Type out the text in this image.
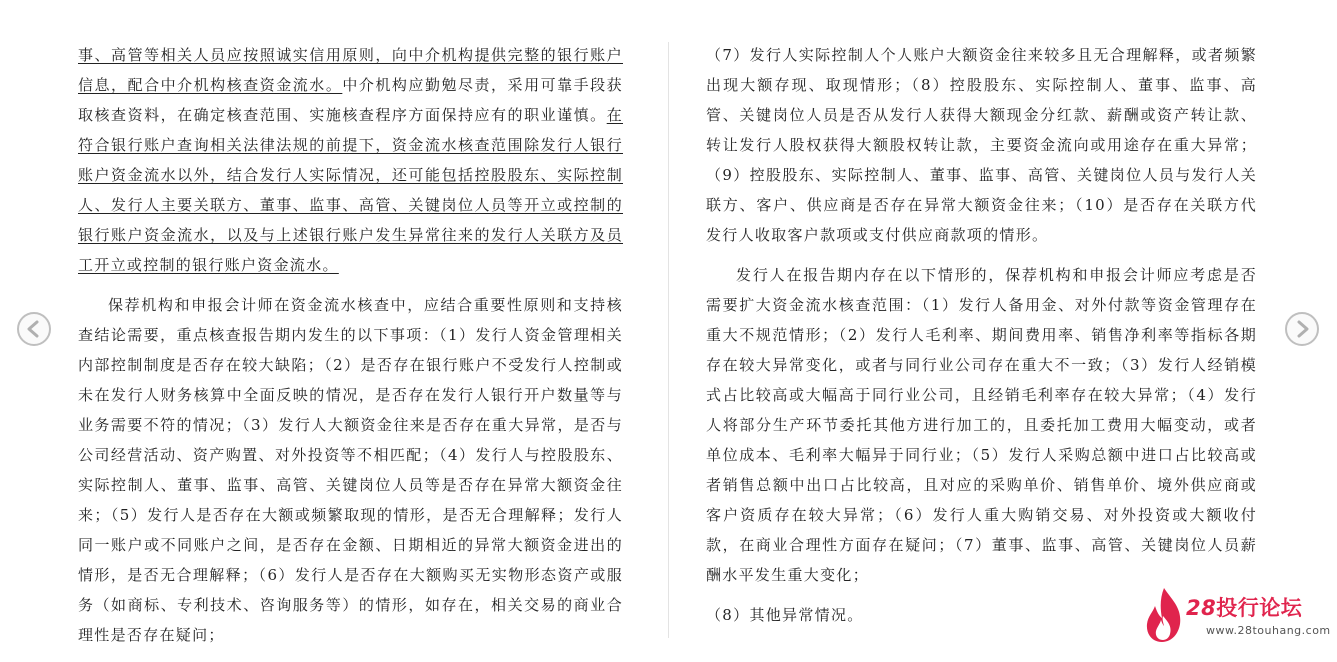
事、高管等相关人员应按照诚实信用原则，向中介机构提供完整的银行账户信息，配合中介机构核查资金流水。中介机构应勤勉尽责，采用可靠手段获取核查资料，在确定核查范围、实施核查程序方面保持应有的职业谨慎。在符合银行账户查询相关法律法规的前提下，资金流水核查范围除发行人银行账户资金流水以外，结合发行人实际情况，还可能包括控股股东、实际控制人、发行人主要关联方、董事、监事、高管、关键岗位人员等开立或控制的银行账户资金流水，以及与上述银行账户发生异常往来的发行人关联方及员工开立或控制的银行账户资金流水。

保荐机构和申报会计师在资金流水核查中，应结合重要性原则和支持核查结论需要，重点核查报告期内发生的以下事项：（1）发行人资金管理相关内部控制制度是否存在较大缺陷；（2）是否存在银行账户不受发行人控制或未在发行人财务核算中全面反映的情况，是否存在发行人银行开户数量等与业务需要不符的情况；（3）发行人大额资金往来是否存在重大异常，是否与公司经营活动、资产购置、对外投资等不相匹配；（4）发行人与控股股东、实际控制人、董事、监事、高管、关键岗位人员等是否存在异常大额资金往来；（5）发行人是否存在大额或频繁取现的情形，是否无合理解释；发行人同一账户或不同账户之间，是否存在金额、日期相近的异常大额资金进出的情形，是否无合理解释；（6）发行人是否存在大额购买无实物形态资产或服务（如商标、专利技术、咨询服务等）的情形，如存在，相关交易的商业合理性是否存在疑问；

（7）发行人实际控制人个人账户大额资金往来较多且无合理解释，或者频繁出现大额存现、取现情形；（8）控股股东、实际控制人、董事、监事、高管、关键岗位人员是否从发行人获得大额现金分红款、薪酬或资产转让款、转让发行人股权获得大额股权转让款，主要资金流向或用途存在重大异常；（9）控股股东、实际控制人、董事、监事、高管、关键岗位人员与发行人关联方、客户、供应商是否存在异常大额资金往来；（10）是否存在关联方代发行人收取客户款项或支付供应商款项的情形。

发行人在报告期内存在以下情形的，保荐机构和申报会计师应考虑是否需要扩大资金流水核查范围：（1）发行人备用金、对外付款等资金管理存在重大不规范情形；（2）发行人毛利率、期间费用率、销售净利率等指标各期存在较大异常变化，或者与同行业公司存在重大不一致；（3）发行人经销模式占比较高或大幅高于同行业公司，且经销毛利率存在较大异常；（4）发行人将部分生产环节委托其他方进行加工的，且委托加工费用大幅变动，或者单位成本、毛利率大幅异于同行业；（5）发行人采购总额中进口占比较高或者销售总额中出口占比较高，且对应的采购单价、销售单价、境外供应商或客户资质存在较大异常；（6）发行人重大购销交易、对外投资或大额收付款，在商业合理性方面存在疑问；（7）董事、监事、高管、关键岗位人员薪酬水平发生重大变化；

（8）其他异常情况。	28投行论坛
www.28touhang.com
